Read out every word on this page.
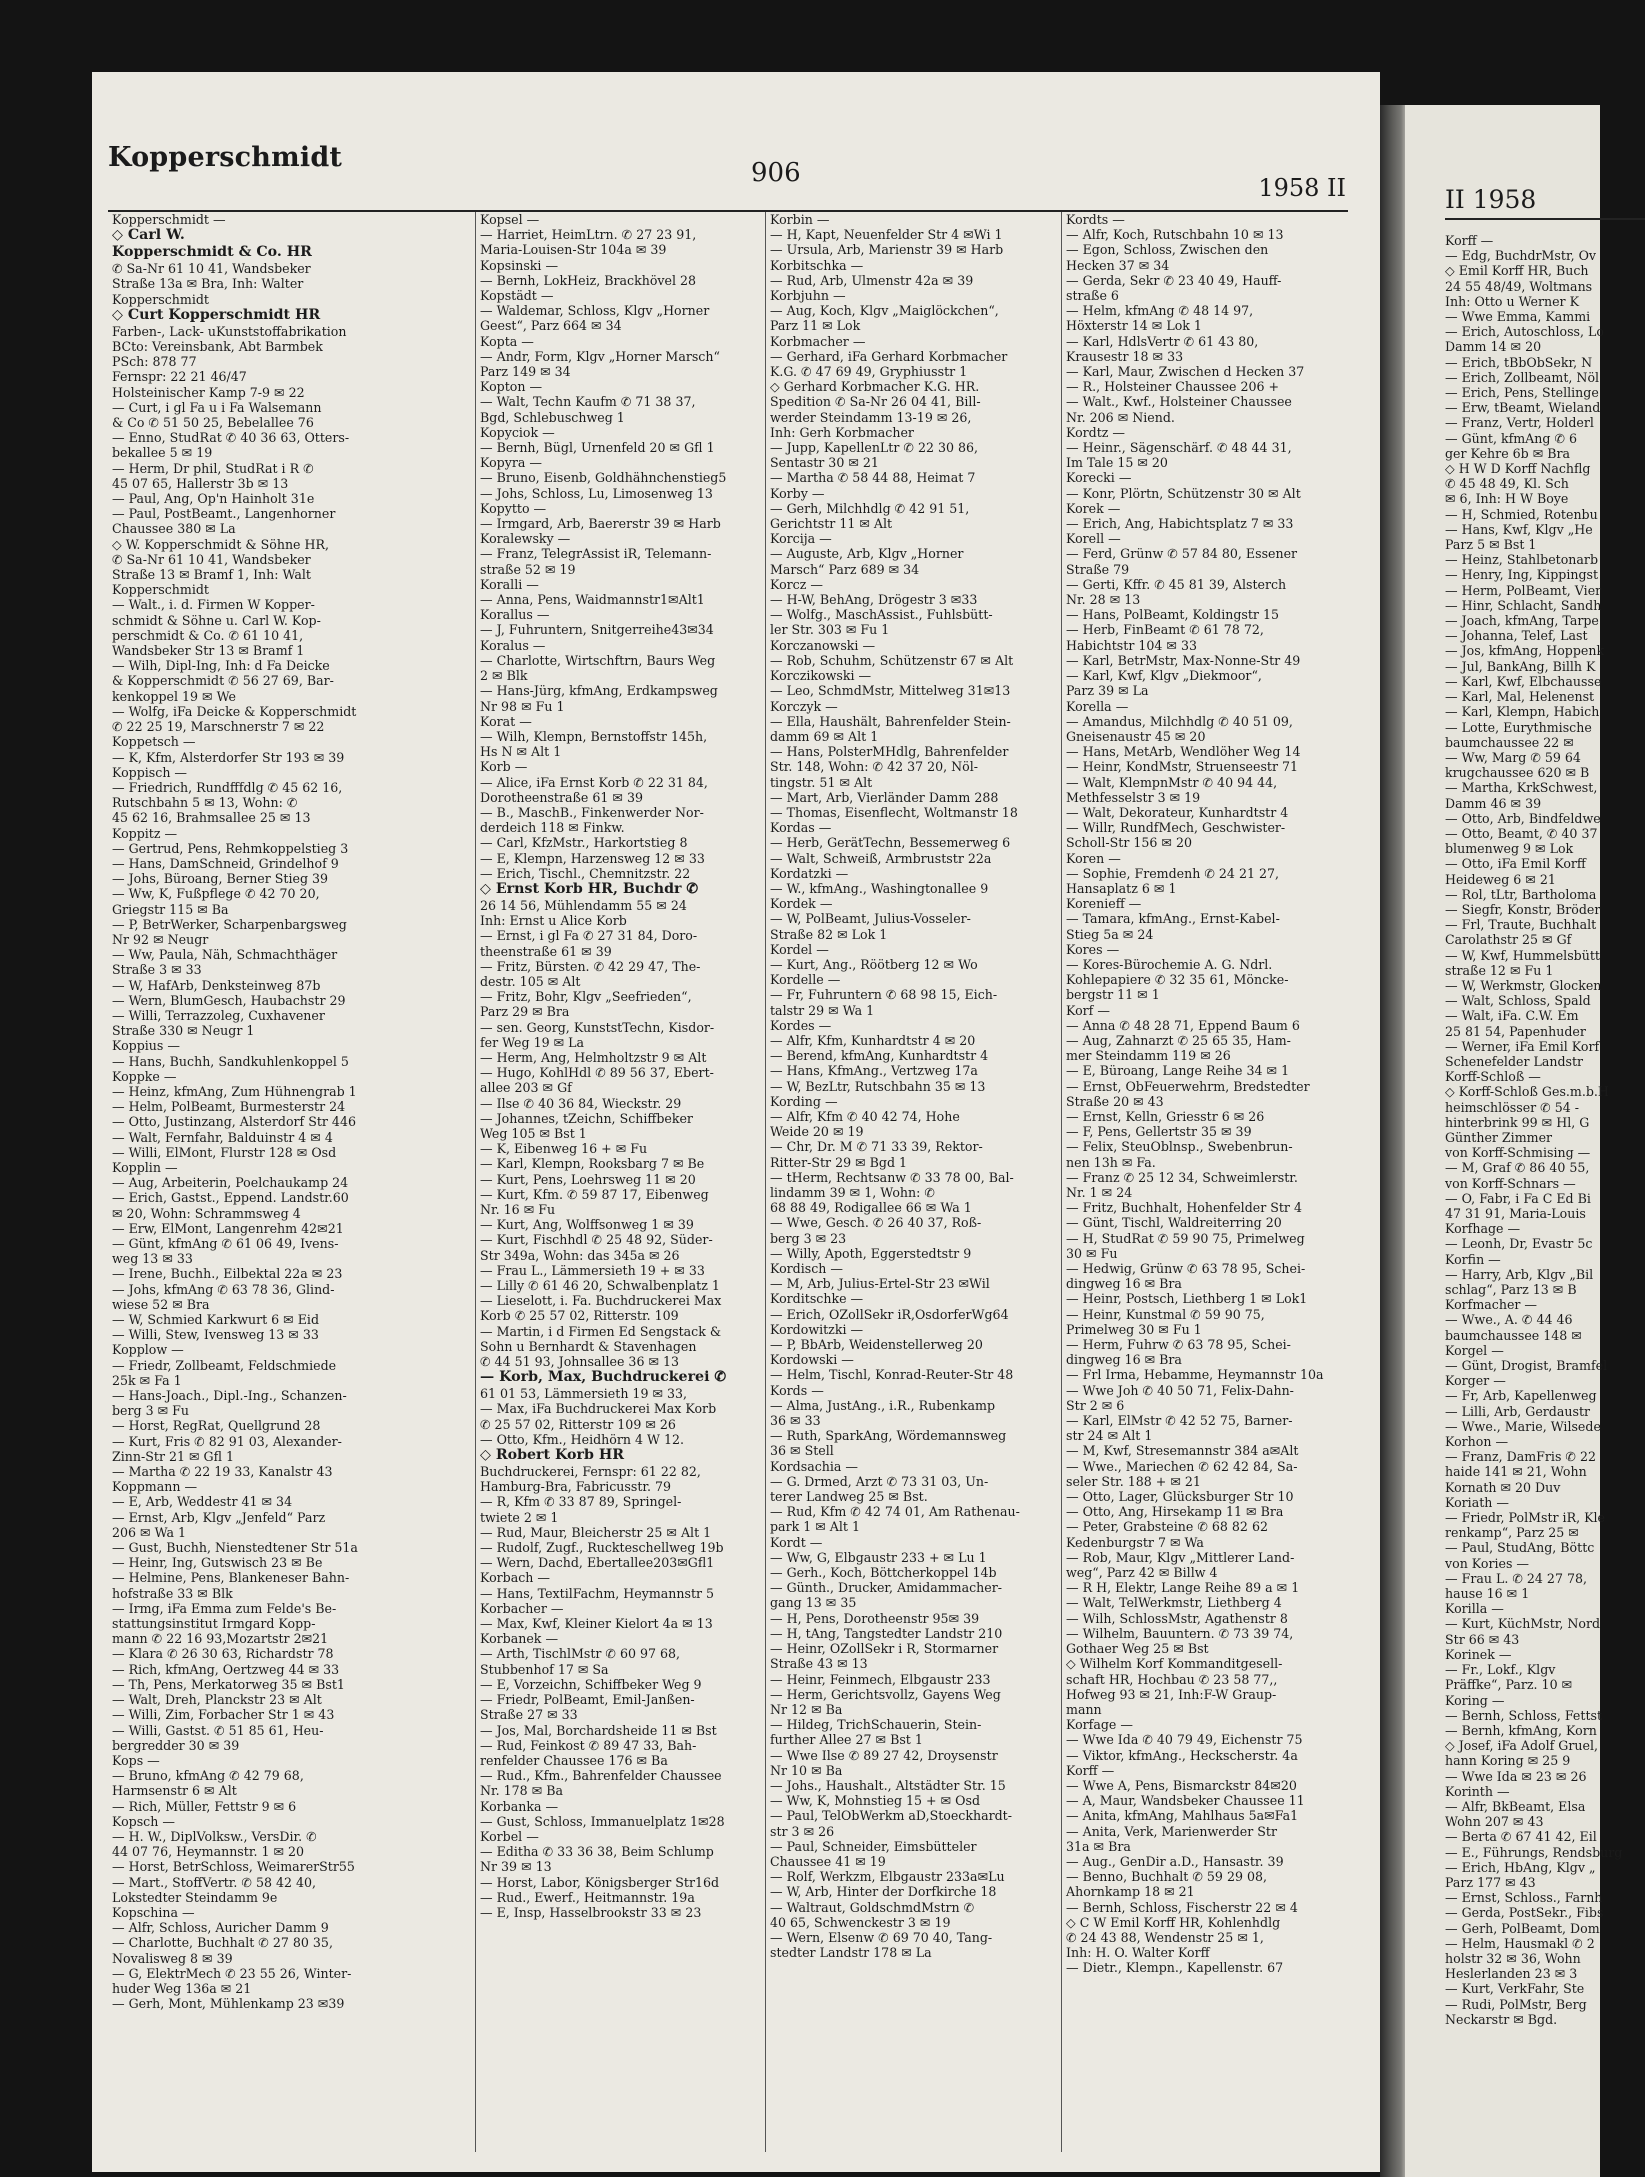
II 1958
Korff —
— Edg, BuchdrMstr, Ov
◇ Emil Korff HR, Buch
24 55 48/49, Woltmans
Inh: Otto u Werner K
— Wwe Emma, Kammi
— Erich, Autoschloss, Lo
Damm 14 ✉ 20
— Erich, tBbObSekr, N
— Erich, Zollbeamt, Nöl
— Erich, Pens, Stellinge
— Erw, tBeamt, Wieland
— Franz, Vertr, Holderl
— Günt, kfmAng ✆ 6
ger Kehre 6b ✉ Bra
◇ H W D Korff Nachflg
✆ 45 48 49, Kl. Sch
✉ 6, Inh: H W Boye
— H, Schmied, Rotenbu
— Hans, Kwf, Klgv „He
Parz 5 ✉ Bst 1
— Heinz, Stahlbetonarb
— Henry, Ing, Kippingst
— Herm, PolBeamt, Vier
— Hinr, Schlacht, Sandh
— Joach, kfmAng, Tarpe
— Johanna, Telef, Last
— Jos, kfmAng, Hoppenk
— Jul, BankAng, Billh K
— Karl, Kwf, Elbchausse
— Karl, Mal, Helenenst
— Karl, Klempn, Habich
— Lotte, Eurythmische
baumchaussee 22 ✉
— Ww, Marg ✆ 59 64
krugchaussee 620 ✉ B
— Martha, KrkSchwest,
Damm 46 ✉ 39
— Otto, Arb, Bindfeldwe
— Otto, Beamt, ✆ 40 37
blumenweg 9 ✉ Lok
— Otto, iFa Emil Korff
Heideweg 6 ✉ 21
— Rol, tLtr, Bartholoma
— Siegfr, Konstr, Bröder
— Frl, Traute, Buchhalt
Carolathstr 25 ✉ Gf
— W, Kwf, Hummelsbütt
straße 12 ✉ Fu 1
— W, Werkmstr, Glocken
— Walt, Schloss, Spald
— Walt, iFa. C.W. Em
25 81 54, Papenhuder
— Werner, iFa Emil Korf
Schenefelder Landstr
Korff-Schloß —
◇ Korff-Schloß Ges.m.b.H
heimschlösser ✆ 54 -
hinterbrink 99 ✉ Hl, G
Günther Zimmer
von Korff-Schmising —
— M, Graf ✆ 86 40 55,
von Korff-Schnars —
— O, Fabr, i Fa C Ed Bi
47 31 91, Maria-Louis
Korfhage —
— Leonh, Dr, Evastr 5c
Korfin —
— Harry, Arb, Klgv „Bil
schlag“, Parz 13 ✉ B
Korfmacher —
— Wwe., A. ✆ 44 46
baumchaussee 148 ✉
Korgel —
— Günt, Drogist, Bramfel
Korger —
— Fr, Arb, Kapellenweg
— Lilli, Arb, Gerdaustr
— Wwe., Marie, Wilsede
Korhon —
— Franz, DamFris ✆ 22
haide 141 ✉ 21, Wohn
Kornath ✉ 20 Duv
Koriath —
— Friedr, PolMstr iR, Kle
renkamp“, Parz 25 ✉
— Paul, StudAng, Böttc
von Kories —
— Frau L. ✆ 24 27 78,
hause 16 ✉ 1
Korilla —
— Kurt, KüchMstr, Nord
Str 66 ✉ 43
Korinek —
— Fr., Lokf., Klgv
Präffke“, Parz. 10 ✉
Koring —
— Bernh, Schloss, Fettst
— Bernh, kfmAng, Korn
◇ Josef, iFa Adolf Gruel,
hann Koring ✉ 25 9
— Wwe Ida ✉ 23 ✉ 26
Korinth —
— Alfr, BkBeamt, Elsa
Wohn 207 ✉ 43
— Berta ✆ 67 41 42, Eil
— E., Führungs, Rendsburg
— Erich, HbAng, Klgv „
Parz 177 ✉ 43
— Ernst, Schloss., Farnh
— Gerda, PostSekr., Fibs
— Gerh, PolBeamt, Dom
— Helm, Hausmakl ✆ 2
holstr 32 ✉ 36, Wohn
Heslerlanden 23 ✉ 3
— Kurt, VerkFahr, Ste
— Rudi, PolMstr, Berg
Neckarstr ✉ Bgd.
Kopperschmidt	906	1958 II
Kopperschmidt —
◇ Carl W.
Kopperschmidt & Co. HR
✆ Sa-Nr 61 10 41, Wandsbeker
Straße 13a ✉ Bra, Inh: Walter
Kopperschmidt
◇ Curt Kopperschmidt HR
Farben-, Lack- uKunststoffabrikation
BCto: Vereinsbank, Abt Barmbek
PSch: 878 77
Fernspr: 22 21 46/47
Holsteinischer Kamp 7-9 ✉ 22
— Curt, i gl Fa u i Fa Walsemann
& Co ✆ 51 50 25, Bebelallee 76
— Enno, StudRat ✆ 40 36 63, Otters-
bekallee 5 ✉ 19
— Herm, Dr phil, StudRat i R ✆
45 07 65, Hallerstr 3b ✉ 13
— Paul, Ang, Op'n Hainholt 31e
— Paul, PostBeamt., Langenhorner
Chaussee 380 ✉ La
◇ W. Kopperschmidt & Söhne HR,
✆ Sa-Nr 61 10 41, Wandsbeker
Straße 13 ✉ Bramf 1, Inh: Walt
Kopperschmidt
— Walt., i. d. Firmen W Kopper-
schmidt & Söhne u. Carl W. Kop-
perschmidt & Co. ✆ 61 10 41,
Wandsbeker Str 13 ✉ Bramf 1
— Wilh, Dipl-Ing, Inh: d Fa Deicke
& Kopperschmidt ✆ 56 27 69, Bar-
kenkoppel 19 ✉ We
— Wolfg, iFa Deicke & Kopperschmidt
✆ 22 25 19, Marschnerstr 7 ✉ 22
Koppetsch —
— K, Kfm, Alsterdorfer Str 193 ✉ 39
Koppisch —
— Friedrich, Rundfffdlg ✆ 45 62 16,
Rutschbahn 5 ✉ 13, Wohn: ✆
45 62 16, Brahmsallee 25 ✉ 13
Koppitz —
— Gertrud, Pens, Rehmkoppelstieg 3
— Hans, DamSchneid, Grindelhof 9
— Johs, Büroang, Berner Stieg 39
— Ww, K, Fußpflege ✆ 42 70 20,
Griegstr 115 ✉ Ba
— P, BetrWerker, Scharpenbargsweg
Nr 92 ✉ Neugr
— Ww, Paula, Näh, Schmachthäger
Straße 3 ✉ 33
— W, HafArb, Denksteinweg 87b
— Wern, BlumGesch, Haubachstr 29
— Willi, Terrazzoleg, Cuxhavener
Straße 330 ✉ Neugr 1
Koppius —
— Hans, Buchh, Sandkuhlenkoppel 5
Koppke —
— Heinz, kfmAng, Zum Hühnengrab 1
— Helm, PolBeamt, Burmesterstr 24
— Otto, Justinzang, Alsterdorf Str 446
— Walt, Fernfahr, Balduinstr 4 ✉ 4
— Willi, ElMont, Flurstr 128 ✉ Osd
Kopplin —
— Aug, Arbeiterin, Poelchaukamp 24
— Erich, Gastst., Eppend. Landstr.60
✉ 20, Wohn: Schrammsweg 4
— Erw, ElMont, Langenrehm 42✉21
— Günt, kfmAng ✆ 61 06 49, Ivens-
weg 13 ✉ 33
— Irene, Buchh., Eilbektal 22a ✉ 23
— Johs, kfmAng ✆ 63 78 36, Glind-
wiese 52 ✉ Bra
— W, Schmied Karkwurt 6 ✉ Eid
— Willi, Stew, Ivensweg 13 ✉ 33
Kopplow —
— Friedr, Zollbeamt, Feldschmiede
25k ✉ Fa 1
— Hans-Joach., Dipl.-Ing., Schanzen-
berg 3 ✉ Fu
— Horst, RegRat, Quellgrund 28
— Kurt, Fris ✆ 82 91 03, Alexander-
Zinn-Str 21 ✉ Gfl 1
— Martha ✆ 22 19 33, Kanalstr 43
Koppmann —
— E, Arb, Weddestr 41 ✉ 34
— Ernst, Arb, Klgv „Jenfeld“ Parz
206 ✉ Wa 1
— Gust, Buchh, Nienstedtener Str 51a
— Heinr, Ing, Gutswisch 23 ✉ Be
— Helmine, Pens, Blankeneser Bahn-
hofstraße 33 ✉ Blk
— Irmg, iFa Emma zum Felde's Be-
stattungsinstitut Irmgard Kopp-
mann ✆ 22 16 93,Mozartstr 2✉21
— Klara ✆ 26 30 63, Richardstr 78
— Rich, kfmAng, Oertzweg 44 ✉ 33
— Th, Pens, Merkatorweg 35 ✉ Bst1
— Walt, Dreh, Planckstr 23 ✉ Alt
— Willi, Zim, Forbacher Str 1 ✉ 43
— Willi, Gastst. ✆ 51 85 61, Heu-
bergredder 30 ✉ 39
Kops —
— Bruno, kfmAng ✆ 42 79 68,
Harmsenstr 6 ✉ Alt
— Rich, Müller, Fettstr 9 ✉ 6
Kopsch —
— H. W., DiplVolksw., VersDir. ✆
44 07 76, Heymannstr. 1 ✉ 20
— Horst, BetrSchloss, WeimarerStr55
— Mart., StoffVertr. ✆ 58 42 40,
Lokstedter Steindamm 9e
Kopschina —
— Alfr, Schloss, Auricher Damm 9
— Charlotte, Buchhalt ✆ 27 80 35,
Novalisweg 8 ✉ 39
— G, ElektrMech ✆ 23 55 26, Winter-
huder Weg 136a ✉ 21
— Gerh, Mont, Mühlenkamp 23 ✉39
Kopsel —
— Harriet, HeimLtrn. ✆ 27 23 91,
Maria-Louisen-Str 104a ✉ 39
Kopsinski —
— Bernh, LokHeiz, Brackhövel 28
Kopstädt —
— Waldemar, Schloss, Klgv „Horner
Geest“, Parz 664 ✉ 34
Kopta —
— Andr, Form, Klgv „Horner Marsch“
Parz 149 ✉ 34
Kopton —
— Walt, Techn Kaufm ✆ 71 38 37,
Bgd, Schlebuschweg 1
Kopyciok —
— Bernh, Bügl, Urnenfeld 20 ✉ Gfl 1
Kopyra —
— Bruno, Eisenb, Goldhähnchenstieg5
— Johs, Schloss, Lu, Limosenweg 13
Kopytto —
— Irmgard, Arb, Baererstr 39 ✉ Harb
Koralewsky —
— Franz, TelegrAssist iR, Telemann-
straße 52 ✉ 19
Koralli —
— Anna, Pens, Waidmannstr1✉Alt1
Korallus —
— J, Fuhruntern, Snitgerreihe43✉34
Koralus —
— Charlotte, Wirtschftrn, Baurs Weg
2 ✉ Blk
— Hans-Jürg, kfmAng, Erdkampsweg
Nr 98 ✉ Fu 1
Korat —
— Wilh, Klempn, Bernstoffstr 145h,
Hs N ✉ Alt 1
Korb —
— Alice, iFa Ernst Korb ✆ 22 31 84,
Dorotheenstraße 61 ✉ 39
— B., MaschB., Finkenwerder Nor-
derdeich 118 ✉ Finkw.
— Carl, KfzMstr., Harkortstieg 8
— E, Klempn, Harzensweg 12 ✉ 33
— Erich, Tischl., Chemnitzstr. 22
◇ Ernst Korb HR, Buchdr ✆
26 14 56, Mühlendamm 55 ✉ 24
Inh: Ernst u Alice Korb
— Ernst, i gl Fa ✆ 27 31 84, Doro-
theenstraße 61 ✉ 39
— Fritz, Bürsten. ✆ 42 29 47, The-
destr. 105 ✉ Alt
— Fritz, Bohr, Klgv „Seefrieden“,
Parz 29 ✉ Bra
— sen. Georg, KunststTechn, Kisdor-
fer Weg 19 ✉ La
— Herm, Ang, Helmholtzstr 9 ✉ Alt
— Hugo, KohlHdl ✆ 89 56 37, Ebert-
allee 203 ✉ Gf
— Ilse ✆ 40 36 84, Wieckstr. 29
— Johannes, tZeichn, Schiffbeker
Weg 105 ✉ Bst 1
— K, Eibenweg 16 + ✉ Fu
— Karl, Klempn, Rooksbarg 7 ✉ Be
— Kurt, Pens, Loehrsweg 11 ✉ 20
— Kurt, Kfm. ✆ 59 87 17, Eibenweg
Nr. 16 ✉ Fu
— Kurt, Ang, Wolffsonweg 1 ✉ 39
— Kurt, Fischhdl ✆ 25 48 92, Süder-
Str 349a, Wohn: das 345a ✉ 26
— Frau L., Lämmersieth 19 + ✉ 33
— Lilly ✆ 61 46 20, Schwalbenplatz 1
— Lieselott, i. Fa. Buchdruckerei Max
Korb ✆ 25 57 02, Ritterstr. 109
— Martin, i d Firmen Ed Sengstack &
Sohn u Bernhardt & Stavenhagen
✆ 44 51 93, Johnsallee 36 ✉ 13
— Korb, Max, Buchdruckerei ✆
61 01 53, Lämmersieth 19 ✉ 33,
— Max, iFa Buchdruckerei Max Korb
✆ 25 57 02, Ritterstr 109 ✉ 26
— Otto, Kfm., Heidhörn 4 W 12.
◇ Robert Korb HR
Buchdruckerei, Fernspr: 61 22 82,
Hamburg-Bra, Fabricusstr. 79
— R, Kfm ✆ 33 87 89, Springel-
twiete 2 ✉ 1
— Rud, Maur, Bleicherstr 25 ✉ Alt 1
— Rudolf, Zugf., Ruckteschellweg 19b
— Wern, Dachd, Ebertallee203✉Gfl1
Korbach —
— Hans, TextilFachm, Heymannstr 5
Korbacher —
— Max, Kwf, Kleiner Kielort 4a ✉ 13
Korbanek —
— Arth, TischlMstr ✆ 60 97 68,
Stubbenhof 17 ✉ Sa
— E, Vorzeichn, Schiffbeker Weg 9
— Friedr, PolBeamt, Emil-Janßen-
Straße 27 ✉ 33
— Jos, Mal, Borchardsheide 11 ✉ Bst
— Rud, Feinkost ✆ 89 47 33, Bah-
renfelder Chaussee 176 ✉ Ba
— Rud., Kfm., Bahrenfelder Chaussee
Nr. 178 ✉ Ba
Korbanka —
— Gust, Schloss, Immanuelplatz 1✉28
Korbel —
— Editha ✆ 33 36 38, Beim Schlump
Nr 39 ✉ 13
— Horst, Labor, Königsberger Str16d
— Rud., Ewerf., Heitmannstr. 19a
— E, Insp, Hasselbrookstr 33 ✉ 23
Korbin —
— H, Kapt, Neuenfelder Str 4 ✉Wi 1
— Ursula, Arb, Marienstr 39 ✉ Harb
Korbitschka —
— Rud, Arb, Ulmenstr 42a ✉ 39
Korbjuhn —
— Aug, Koch, Klgv „Maiglöckchen“,
Parz 11 ✉ Lok
Korbmacher —
— Gerhard, iFa Gerhard Korbmacher
K.G. ✆ 47 69 49, Gryphiusstr 1
◇ Gerhard Korbmacher K.G. HR.
Spedition ✆ Sa-Nr 26 04 41, Bill-
werder Steindamm 13-19 ✉ 26,
Inh: Gerh Korbmacher
— Jupp, KapellenLtr ✆ 22 30 86,
Sentastr 30 ✉ 21
— Martha ✆ 58 44 88, Heimat 7
Korby —
— Gerh, Milchhdlg ✆ 42 91 51,
Gerichtstr 11 ✉ Alt
Korcija —
— Auguste, Arb, Klgv „Horner
Marsch“ Parz 689 ✉ 34
Korcz —
— H-W, BehAng, Drögestr 3 ✉33
— Wolfg., MaschAssist., Fuhlsbütt-
ler Str. 303 ✉ Fu 1
Korczanowski —
— Rob, Schuhm, Schützenstr 67 ✉ Alt
Korczikowski —
— Leo, SchmdMstr, Mittelweg 31✉13
Korczyk —
— Ella, Haushält, Bahrenfelder Stein-
damm 69 ✉ Alt 1
— Hans, PolsterMHdlg, Bahrenfelder
Str. 148, Wohn: ✆ 42 37 20, Nöl-
tingstr. 51 ✉ Alt
— Mart, Arb, Vierländer Damm 288
— Thomas, Eisenflecht, Woltmanstr 18
Kordas —
— Herb, GerätTechn, Bessemerweg 6
— Walt, Schweiß, Armbruststr 22a
Kordatzki —
— W., kfmAng., Washingtonallee 9
Kordek —
— W, PolBeamt, Julius-Vosseler-
Straße 82 ✉ Lok 1
Kordel —
— Kurt, Ang., Röötberg 12 ✉ Wo
Kordelle —
— Fr, Fuhruntern ✆ 68 98 15, Eich-
talstr 29 ✉ Wa 1
Kordes —
— Alfr, Kfm, Kunhardtstr 4 ✉ 20
— Berend, kfmAng, Kunhardtstr 4
— Hans, KfmAng., Vertzweg 17a
— W, BezLtr, Rutschbahn 35 ✉ 13
Kording —
— Alfr, Kfm ✆ 40 42 74, Hohe
Weide 20 ✉ 19
— Chr, Dr. M ✆ 71 33 39, Rektor-
Ritter-Str 29 ✉ Bgd 1
— tHerm, Rechtsanw ✆ 33 78 00, Bal-
lindamm 39 ✉ 1, Wohn: ✆
68 88 49, Rodigallee 66 ✉ Wa 1
— Wwe, Gesch. ✆ 26 40 37, Roß-
berg 3 ✉ 23
— Willy, Apoth, Eggerstedtstr 9
Kordisch —
— M, Arb, Julius-Ertel-Str 23 ✉Wil
Korditschke —
— Erich, OZollSekr iR,OsdorferWg64
Kordowitzki —
— P, BbArb, Weidenstellerweg 20
Kordowski —
— Helm, Tischl, Konrad-Reuter-Str 48
Kords —
— Alma, JustAng., i.R., Rubenkamp
36 ✉ 33
— Ruth, SparkAng, Wördemannsweg
36 ✉ Stell
Kordsachia —
— G. Drmed, Arzt ✆ 73 31 03, Un-
terer Landweg 25 ✉ Bst.
— Rud, Kfm ✆ 42 74 01, Am Rathenau-
park 1 ✉ Alt 1
Kordt —
— Ww, G, Elbgaustr 233 + ✉ Lu 1
— Gerh., Koch, Böttcherkoppel 14b
— Günth., Drucker, Amidammacher-
gang 13 ✉ 35
— H, Pens, Dorotheenstr 95✉ 39
— H, tAng, Tangstedter Landstr 210
— Heinr, OZollSekr i R, Stormarner
Straße 43 ✉ 13
— Heinr, Feinmech, Elbgaustr 233
— Herm, Gerichtsvollz, Gayens Weg
Nr 12 ✉ Ba
— Hildeg, TrichSchauerin, Stein-
further Allee 27 ✉ Bst 1
— Wwe Ilse ✆ 89 27 42, Droysenstr
Nr 10 ✉ Ba
— Johs., Haushalt., Altstädter Str. 15
— Ww, K, Mohnstieg 15 + ✉ Osd
— Paul, TelObWerkm aD,Stoeckhardt-
str 3 ✉ 26
— Paul, Schneider, Eimsbütteler
Chaussee 41 ✉ 19
— Rolf, Werkzm, Elbgaustr 233a✉Lu
— W, Arb, Hinter der Dorfkirche 18
— Waltraut, GoldschmdMstrn ✆
40 65, Schwenckestr 3 ✉ 19
— Wern, Elsenw ✆ 69 70 40, Tang-
stedter Landstr 178 ✉ La
Kordts —
— Alfr, Koch, Rutschbahn 10 ✉ 13
— Egon, Schloss, Zwischen den
Hecken 37 ✉ 34
— Gerda, Sekr ✆ 23 40 49, Hauff-
straße 6
— Helm, kfmAng ✆ 48 14 97,
Höxterstr 14 ✉ Lok 1
— Karl, HdlsVertr ✆ 61 43 80,
Krausestr 18 ✉ 33
— Karl, Maur, Zwischen d Hecken 37
— R., Holsteiner Chaussee 206 +
— Walt., Kwf., Holsteiner Chaussee
Nr. 206 ✉ Niend.
Kordtz —
— Heinr., Sägenschärf. ✆ 48 44 31,
Im Tale 15 ✉ 20
Korecki —
— Konr, Plörtn, Schützenstr 30 ✉ Alt
Korek —
— Erich, Ang, Habichtsplatz 7 ✉ 33
Korell —
— Ferd, Grünw ✆ 57 84 80, Essener
Straße 79
— Gerti, Kffr. ✆ 45 81 39, Alsterch
Nr. 28 ✉ 13
— Hans, PolBeamt, Koldingstr 15
— Herb, FinBeamt ✆ 61 78 72,
Habichtstr 104 ✉ 33
— Karl, BetrMstr, Max-Nonne-Str 49
— Karl, Kwf, Klgv „Diekmoor“,
Parz 39 ✉ La
Korella —
— Amandus, Milchhdlg ✆ 40 51 09,
Gneisenaustr 45 ✉ 20
— Hans, MetArb, Wendlöher Weg 14
— Heinr, KondMstr, Struenseestr 71
— Walt, KlempnMstr ✆ 40 94 44,
Methfesselstr 3 ✉ 19
— Walt, Dekorateur, Kunhardtstr 4
— Willr, RundfMech, Geschwister-
Scholl-Str 156 ✉ 20
Koren —
— Sophie, Fremdenh ✆ 24 21 27,
Hansaplatz 6 ✉ 1
Korenieff —
— Tamara, kfmAng., Ernst-Kabel-
Stieg 5a ✉ 24
Kores —
— Kores-Bürochemie A. G. Ndrl.
Kohlepapiere ✆ 32 35 61, Möncke-
bergstr 11 ✉ 1
Korf —
— Anna ✆ 48 28 71, Eppend Baum 6
— Aug, Zahnarzt ✆ 25 65 35, Ham-
mer Steindamm 119 ✉ 26
— E, Büroang, Lange Reihe 34 ✉ 1
— Ernst, ObFeuerwehrm, Bredstedter
Straße 20 ✉ 43
— Ernst, Kelln, Griesstr 6 ✉ 26
— F, Pens, Gellertstr 35 ✉ 39
— Felix, SteuOblnsp., Swebenbrun-
nen 13h ✉ Fa.
— Franz ✆ 25 12 34, Schweimlerstr.
Nr. 1 ✉ 24
— Fritz, Buchhalt, Hohenfelder Str 4
— Günt, Tischl, Waldreiterring 20
— H, StudRat ✆ 59 90 75, Primelweg
30 ✉ Fu
— Hedwig, Grünw ✆ 63 78 95, Schei-
dingweg 16 ✉ Bra
— Heinr, Postsch, Liethberg 1 ✉ Lok1
— Heinr, Kunstmal ✆ 59 90 75,
Primelweg 30 ✉ Fu 1
— Herm, Fuhrw ✆ 63 78 95, Schei-
dingweg 16 ✉ Bra
— Frl Irma, Hebamme, Heymannstr 10a
— Wwe Joh ✆ 40 50 71, Felix-Dahn-
Str 2 ✉ 6
— Karl, ElMstr ✆ 42 52 75, Barner-
str 24 ✉ Alt 1
— M, Kwf, Stresemannstr 384 a✉Alt
— Wwe., Mariechen ✆ 62 42 84, Sa-
seler Str. 188 + ✉ 21
— Otto, Lager, Glücksburger Str 10
— Otto, Ang, Hirsekamp 11 ✉ Bra
— Peter, Grabsteine ✆ 68 82 62
Kedenburgstr 7 ✉ Wa
— Rob, Maur, Klgv „Mittlerer Land-
weg“, Parz 42 ✉ Billw 4
— R H, Elektr, Lange Reihe 89 a ✉ 1
— Walt, TelWerkmstr, Liethberg 4
— Wilh, SchlossMstr, Agathenstr 8
— Wilhelm, Bauuntern. ✆ 73 39 74,
Gothaer Weg 25 ✉ Bst
◇ Wilhelm Korf Kommanditgesell-
schaft HR, Hochbau ✆ 23 58 77,,
Hofweg 93 ✉ 21, Inh:F-W Graup-
mann
Korfage —
— Wwe Ida ✆ 40 79 49, Eichenstr 75
— Viktor, kfmAng., Heckscherstr. 4a
Korff —
— Wwe A, Pens, Bismarckstr 84✉20
— A, Maur, Wandsbeker Chaussee 11
— Anita, kfmAng, Mahlhaus 5a✉Fa1
— Anita, Verk, Marienwerder Str
31a ✉ Bra
— Aug., GenDir a.D., Hansastr. 39
— Benno, Buchhalt ✆ 59 29 08,
Ahornkamp 18 ✉ 21
— Bernh, Schloss, Fischerstr 22 ✉ 4
◇ C W Emil Korff HR, Kohlenhdlg
✆ 24 43 88, Wendenstr 25 ✉ 1,
Inh: H. O. Walter Korff
— Dietr., Klempn., Kapellenstr. 67
